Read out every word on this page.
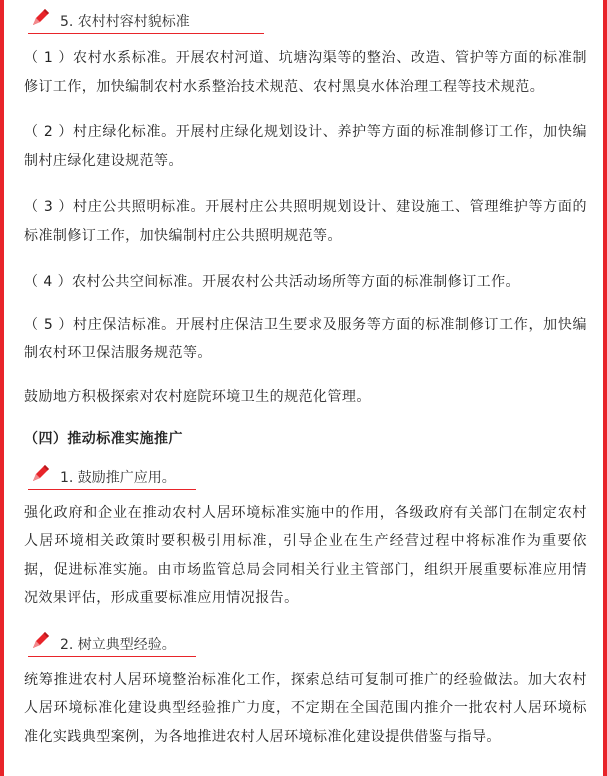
5. 农村村容村貌标准

（ 1 ）农村水系标准。开展农村河道、坑塘沟渠等的整治、改造、管护等方面的标准制修订工作，加快编制农村水系整治技术规范、农村黑臭水体治理工程等技术规范。

（ 2 ）村庄绿化标准。开展村庄绿化规划设计、养护等方面的标准制修订工作，加快编制村庄绿化建设规范等。

（ 3 ）村庄公共照明标准。开展村庄公共照明规划设计、建设施工、管理维护等方面的标准制修订工作，加快编制村庄公共照明规范等。

（ 4 ）农村公共空间标准。开展农村公共活动场所等方面的标准制修订工作。

（ 5 ）村庄保洁标准。开展村庄保洁卫生要求及服务等方面的标准制修订工作，加快编制农村环卫保洁服务规范等。

鼓励地方积极探索对农村庭院环境卫生的规范化管理。

（四）推动标准实施推广

1. 鼓励推广应用。

强化政府和企业在推动农村人居环境标准实施中的作用，各级政府有关部门在制定农村人居环境相关政策时要积极引用标准，引导企业在生产经营过程中将标准作为重要依据，促进标准实施。由市场监管总局会同相关行业主管部门，组织开展重要标准应用情况效果评估，形成重要标准应用情况报告。

2. 树立典型经验。

统筹推进农村人居环境整治标准化工作，探索总结可复制可推广的经验做法。加大农村人居环境标准化建设典型经验推广力度，不定期在全国范围内推介一批农村人居环境标准化实践典型案例，为各地推进农村人居环境标准化建设提供借鉴与指导。
